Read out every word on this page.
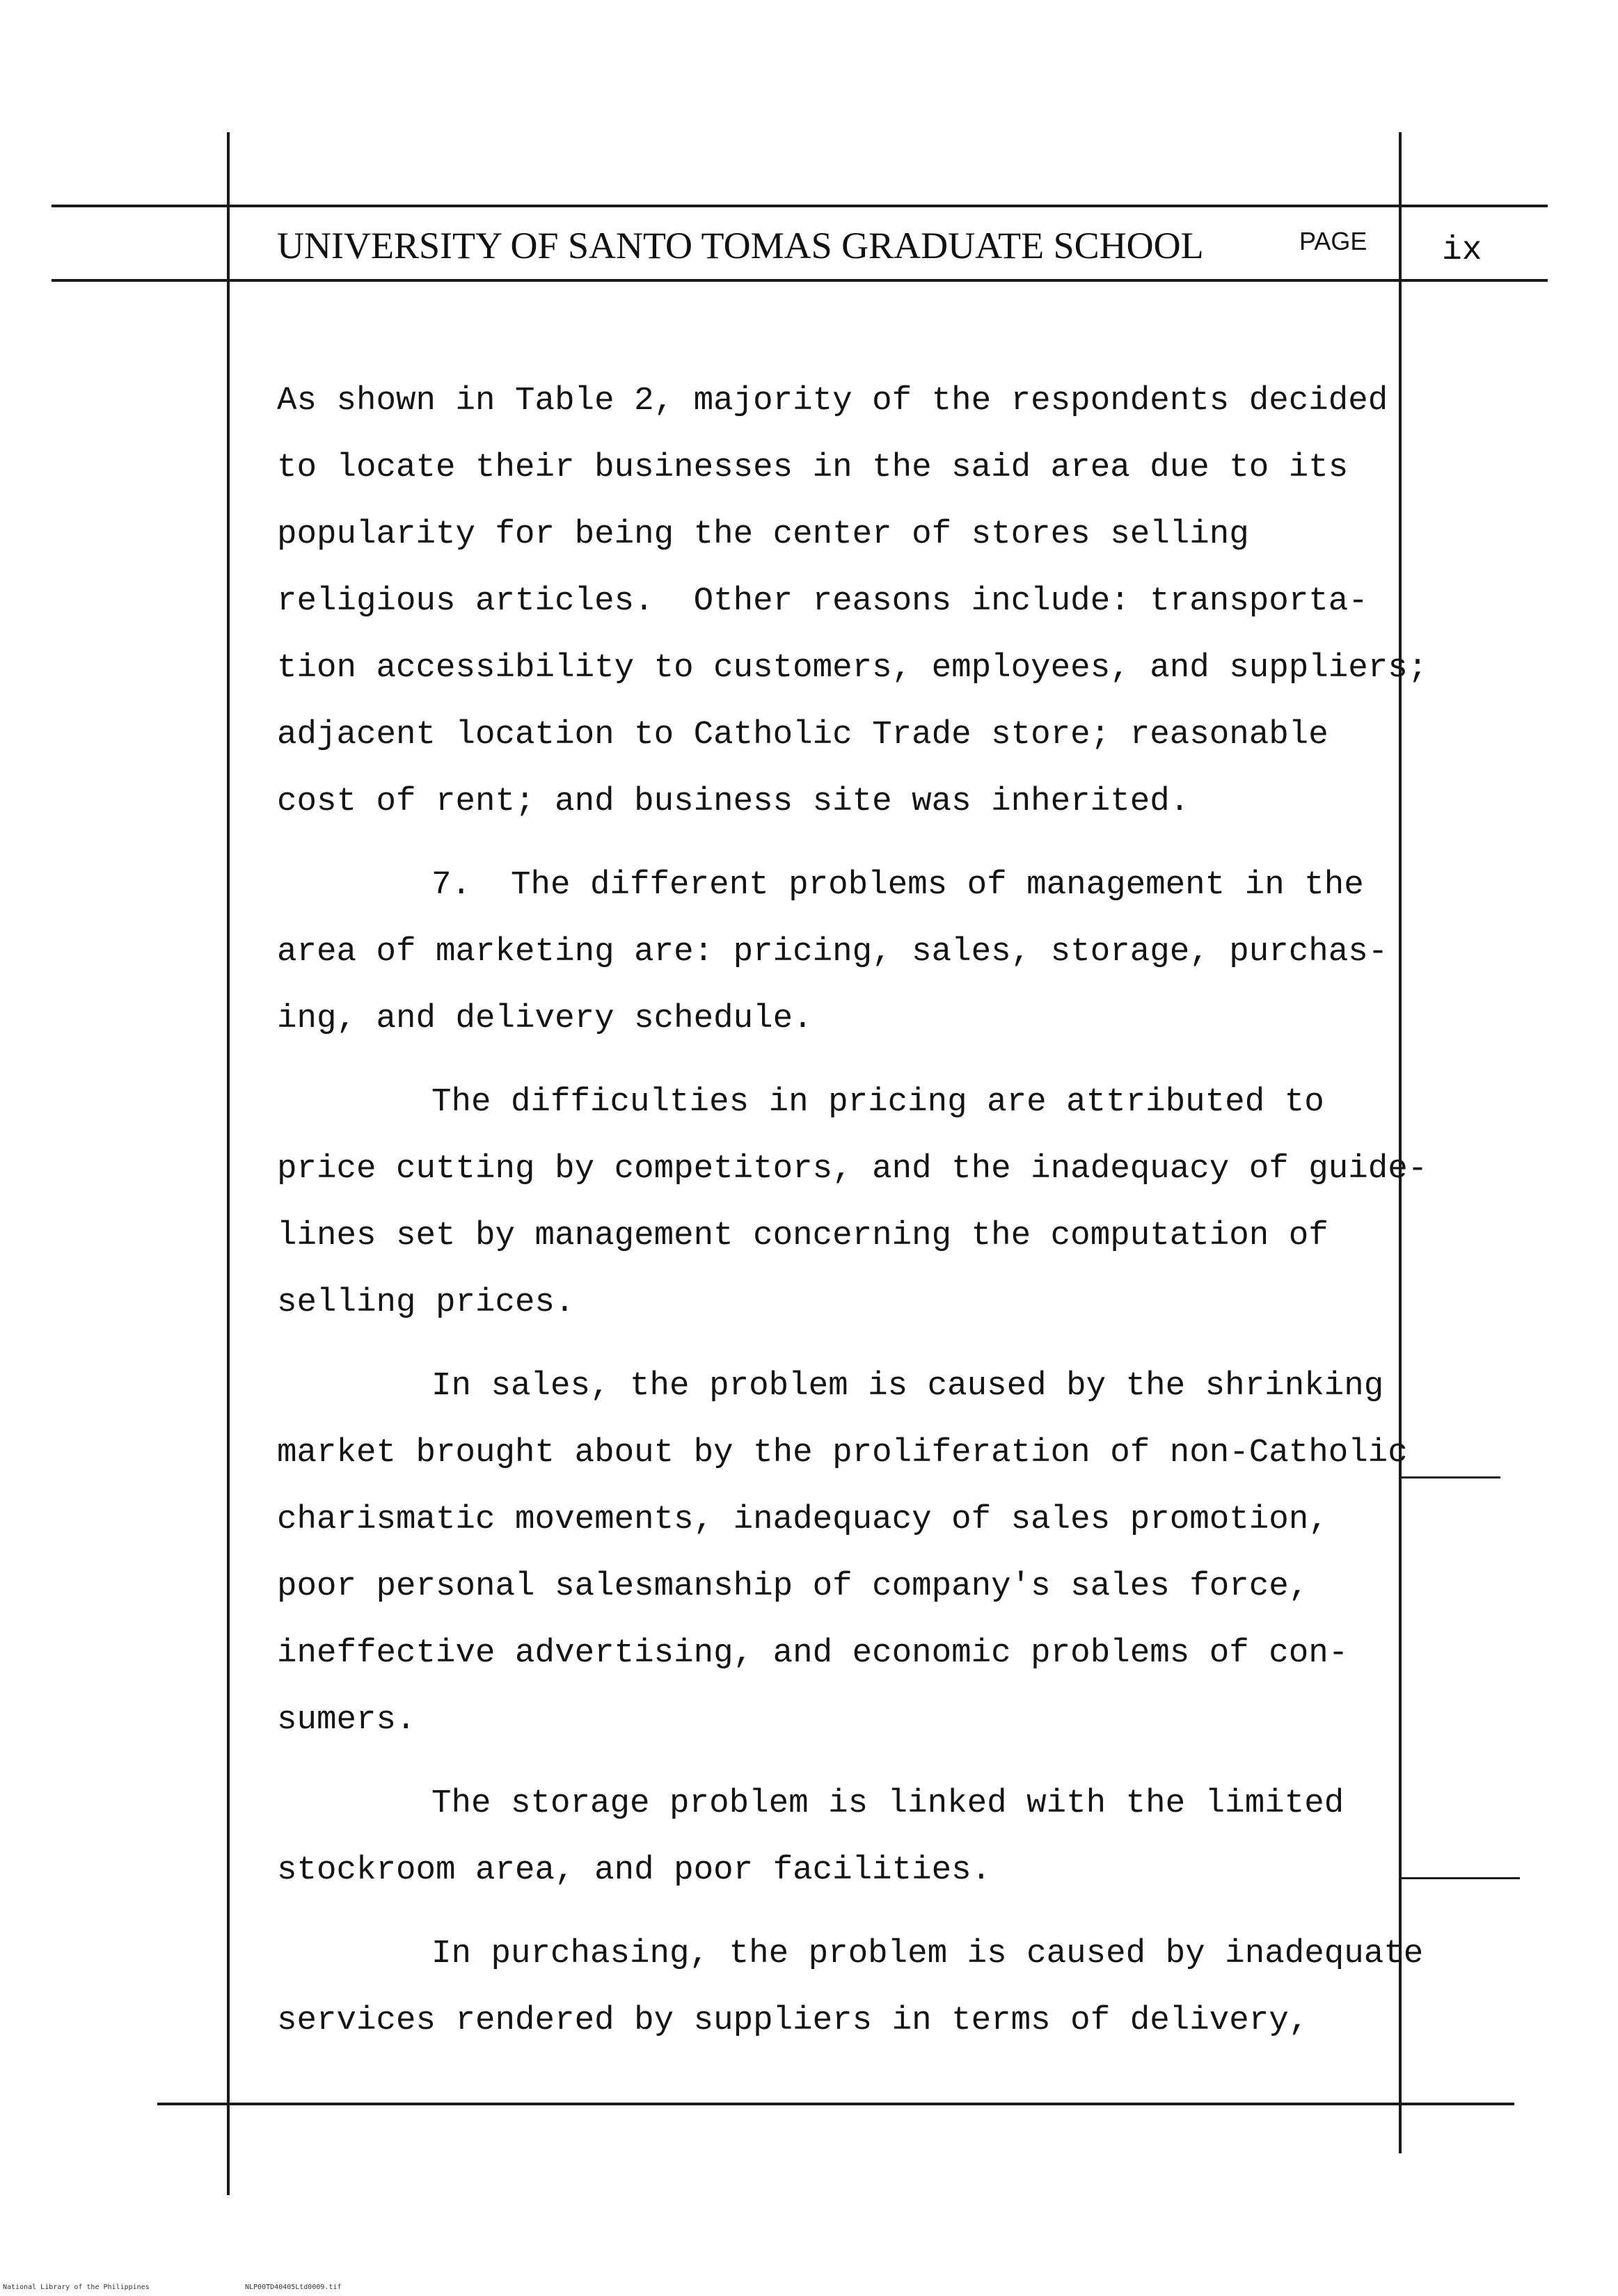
UNIVERSITY OF SANTO TOMAS GRADUATE SCHOOL	PAGE ix
As shown in Table 2, majority of the respondents decided
to locate their businesses in the said area due to its
popularity for being the center of stores selling
religious articles.  Other reasons include: transporta-
tion accessibility to customers, employees, and suppliers;
adjacent location to Catholic Trade store; reasonable
cost of rent; and business site was inherited.
7.  The different problems of management in the
area of marketing are: pricing, sales, storage, purchas-
ing, and delivery schedule.
The difficulties in pricing are attributed to
price cutting by competitors, and the inadequacy of guide-
lines set by management concerning the computation of
selling prices.
In sales, the problem is caused by the shrinking
market brought about by the proliferation of non-Catholic
charismatic movements, inadequacy of sales promotion,
poor personal salesmanship of company's sales force,
ineffective advertising, and economic problems of con-
sumers.
The storage problem is linked with the limited
stockroom area, and poor facilities.
In purchasing, the problem is caused by inadequate
services rendered by suppliers in terms of delivery,
National Library of the Philippines	NLP00TD40405Ltd0009.tif
